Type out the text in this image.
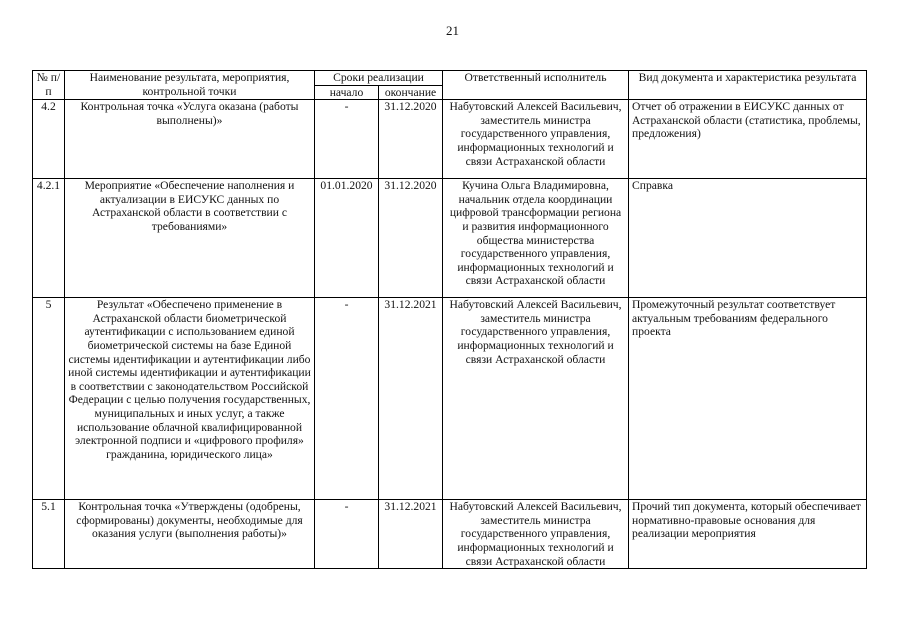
21
№ п/п	Наименование результата, мероприятия, контрольной точки	Сроки реализации		Ответственный исполнитель	Вид документа и характеристика результата
		начало	окончание		
4.2	Контрольная точка «Услуга оказана (работы выполнены)»	-	31.12.2020	Набутовский Алексей Васильевич, заместитель министра государственного управления, информационных технологий и связи Астраханской области	Отчет об отражении в ЕИСУКС данных от Астраханской области (статистика, проблемы, предложения)
4.2.1	Мероприятие «Обеспечение наполнения и актуализации в ЕИСУКС данных по Астраханской области в соответствии с требованиями»	01.01.2020	31.12.2020	Кучина Ольга Владимировна, начальник отдела координации цифровой трансформации региона и развития информационного общества министерства государственного управления, информационных технологий и связи Астраханской области	Справка
5	Результат «Обеспечено применение в Астраханской области биометрической аутентификации с использованием единой биометрической системы на базе Единой системы идентификации и аутентификации либо иной системы идентификации и аутентификации в соответствии с законодательством Российской Федерации с целью получения государственных, муниципальных и иных услуг, а также использование облачной квалифицированной электронной подписи и «цифрового профиля» гражданина, юридического лица»	-	31.12.2021	Набутовский Алексей Васильевич, заместитель министра государственного управления, информационных технологий и связи Астраханской области	Промежуточный результат соответствует актуальным требованиям федерального проекта
5.1	Контрольная точка «Утверждены (одобрены, сформированы) документы, необходимые для оказания услуги (выполнения работы)»	-	31.12.2021	Набутовский Алексей Васильевич, заместитель министра государственного управления, информационных технологий и связи Астраханской области	Прочий тип документа, который обеспечивает нормативно-правовые основания для реализации мероприятия
